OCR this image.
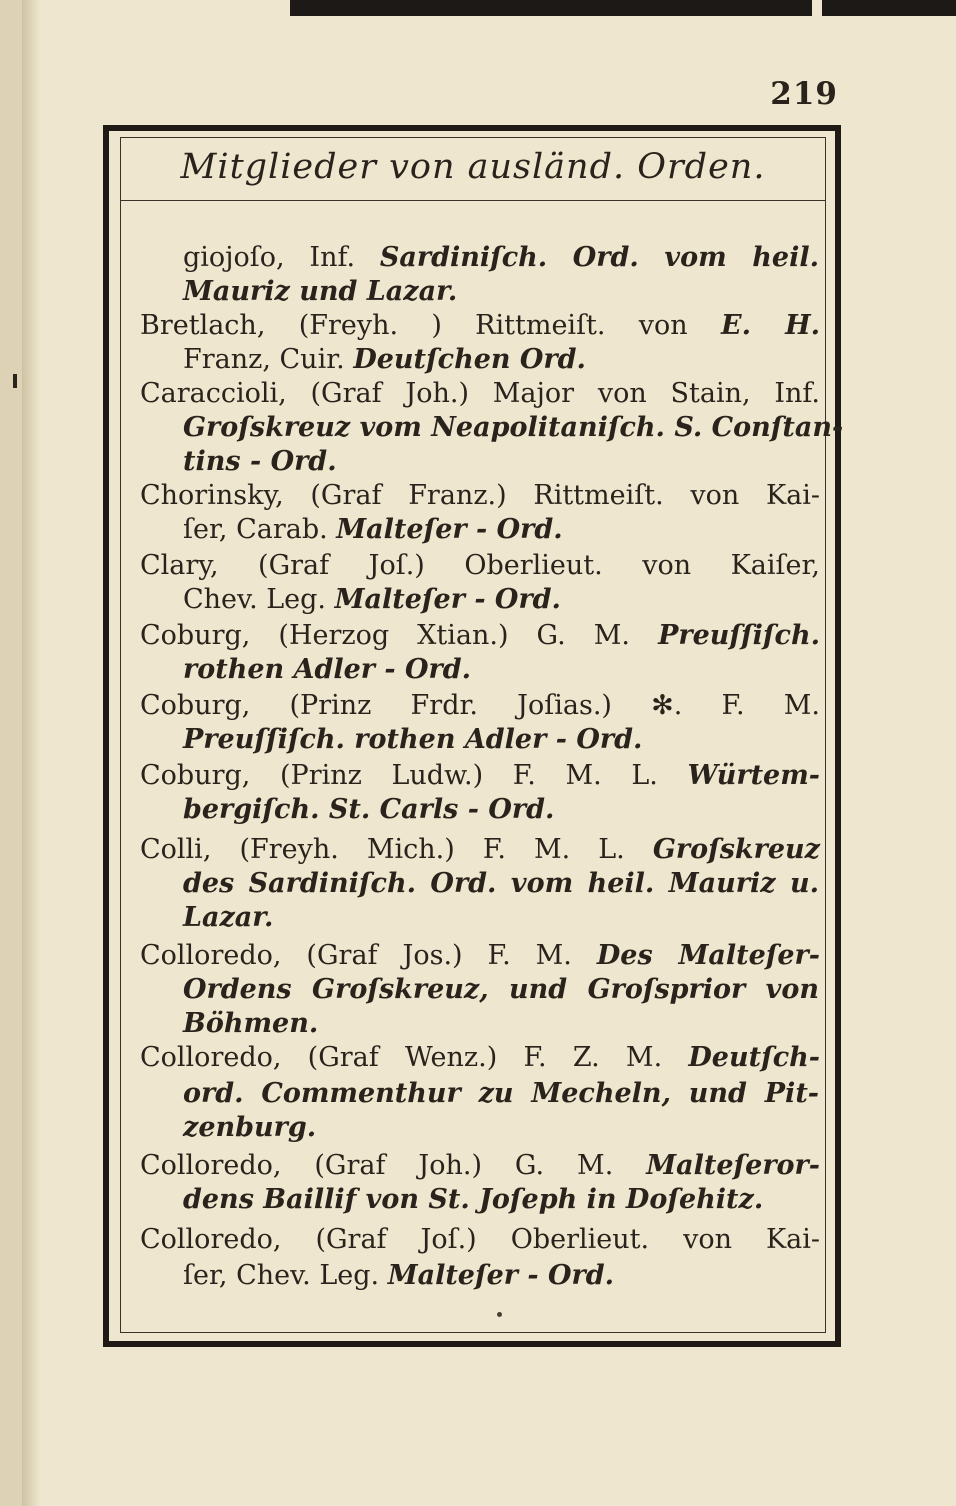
219
Mitglieder von ausländ. Orden.
giojoſo, Inf. Sardiniſch. Ord. vom heil.
Mauriz und Lazar.
Bretlach, (Freyh. ) Rittmeiſt. von E. H.
Franz, Cuir. Deutſchen Ord.
Caraccioli, (Graf Joh.) Major von Stain, Inf.
Groſskreuz vom Neapolitaniſch. S. Conſtan-
tins - Ord.
Chorinsky, (Graf Franz.) Rittmeiſt. von Kai-
ſer, Carab. Malteſer - Ord.
Clary, (Graf Joſ.) Oberlieut. von Kaiſer,
Chev. Leg. Malteſer - Ord.
Coburg, (Herzog Xtian.) G. M. Preuſſiſch.
rothen Adler - Ord.
Coburg, (Prinz Frdr. Joſias.) ✻. F. M.
Preuſſiſch. rothen Adler - Ord.
Coburg, (Prinz Ludw.) F. M. L. Würtem-
bergiſch. St. Carls - Ord.
Colli, (Freyh. Mich.) F. M. L. Groſskreuz
des Sardiniſch. Ord. vom heil. Mauriz u.
Lazar.
Colloredo, (Graf Jos.) F. M. Des Malteſer-
Ordens Groſskreuz, und Groſsprior von
Böhmen.
Colloredo, (Graf Wenz.) F. Z. M. Deutſch-
ord. Commenthur zu Mecheln, und Pit-
zenburg.
Colloredo, (Graf Joh.) G. M. Malteſeror-
dens Baillif von St. Joſeph in Doſehitz.
Colloredo, (Graf Joſ.) Oberlieut. von Kai-
ſer, Chev. Leg. Malteſer - Ord.
